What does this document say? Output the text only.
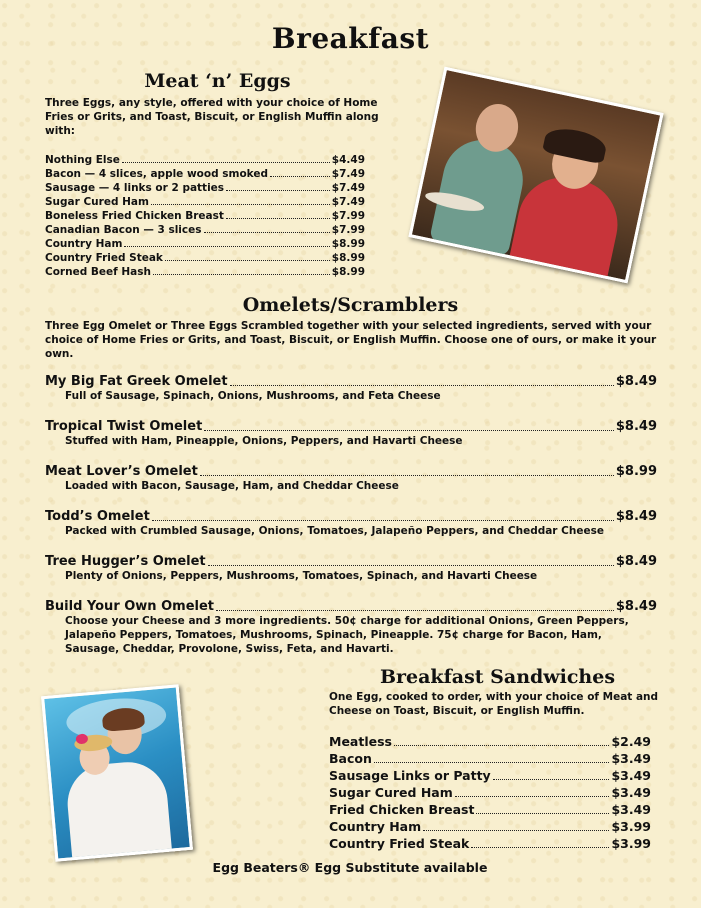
Breakfast
Meat ‘n’ Eggs
Three Eggs, any style, offered with your choice of Home Fries or Grits, and Toast, Biscuit, or English Muffin along with:
Nothing Else	$4.49
Bacon — 4 slices, apple wood smoked	$7.49
Sausage — 4 links or 2 patties	$7.49
Sugar Cured Ham	$7.49
Boneless Fried Chicken Breast	$7.99
Canadian Bacon — 3 slices	$7.99
Country Ham	$8.99
Country Fried Steak	$8.99
Corned Beef Hash	$8.99
Omelets/Scramblers
Three Egg Omelet or Three Eggs Scrambled together with your selected ingredients, served with your choice of Home Fries or Grits, and Toast, Biscuit, or English Muffin. Choose one of ours, or make it your own.
My Big Fat Greek Omelet	$8.49
Full of Sausage, Spinach, Onions, Mushrooms, and Feta Cheese
Tropical Twist Omelet	$8.49
Stuffed with Ham, Pineapple, Onions, Peppers, and Havarti Cheese
Meat Lover’s Omelet	$8.99
Loaded with Bacon, Sausage, Ham, and Cheddar Cheese
Todd’s Omelet	$8.49
Packed with Crumbled Sausage, Onions, Tomatoes, Jalapeño Peppers, and Cheddar Cheese
Tree Hugger’s Omelet	$8.49
Plenty of Onions, Peppers, Mushrooms, Tomatoes, Spinach, and Havarti Cheese
Build Your Own Omelet	$8.49
Choose your Cheese and 3 more ingredients. 50¢ charge for additional Onions, Green Peppers, Jalapeño Peppers, Tomatoes, Mushrooms, Spinach, Pineapple. 75¢ charge for Bacon, Ham, Sausage, Cheddar, Provolone, Swiss, Feta, and Havarti.
Breakfast Sandwiches
One Egg, cooked to order, with your choice of Meat and Cheese on Toast, Biscuit, or English Muffin.
Meatless	$2.49
Bacon	$3.49
Sausage Links or Patty	$3.49
Sugar Cured Ham	$3.49
Fried Chicken Breast	$3.49
Country Ham	$3.99
Country Fried Steak	$3.99
Egg Beaters® Egg Substitute available
